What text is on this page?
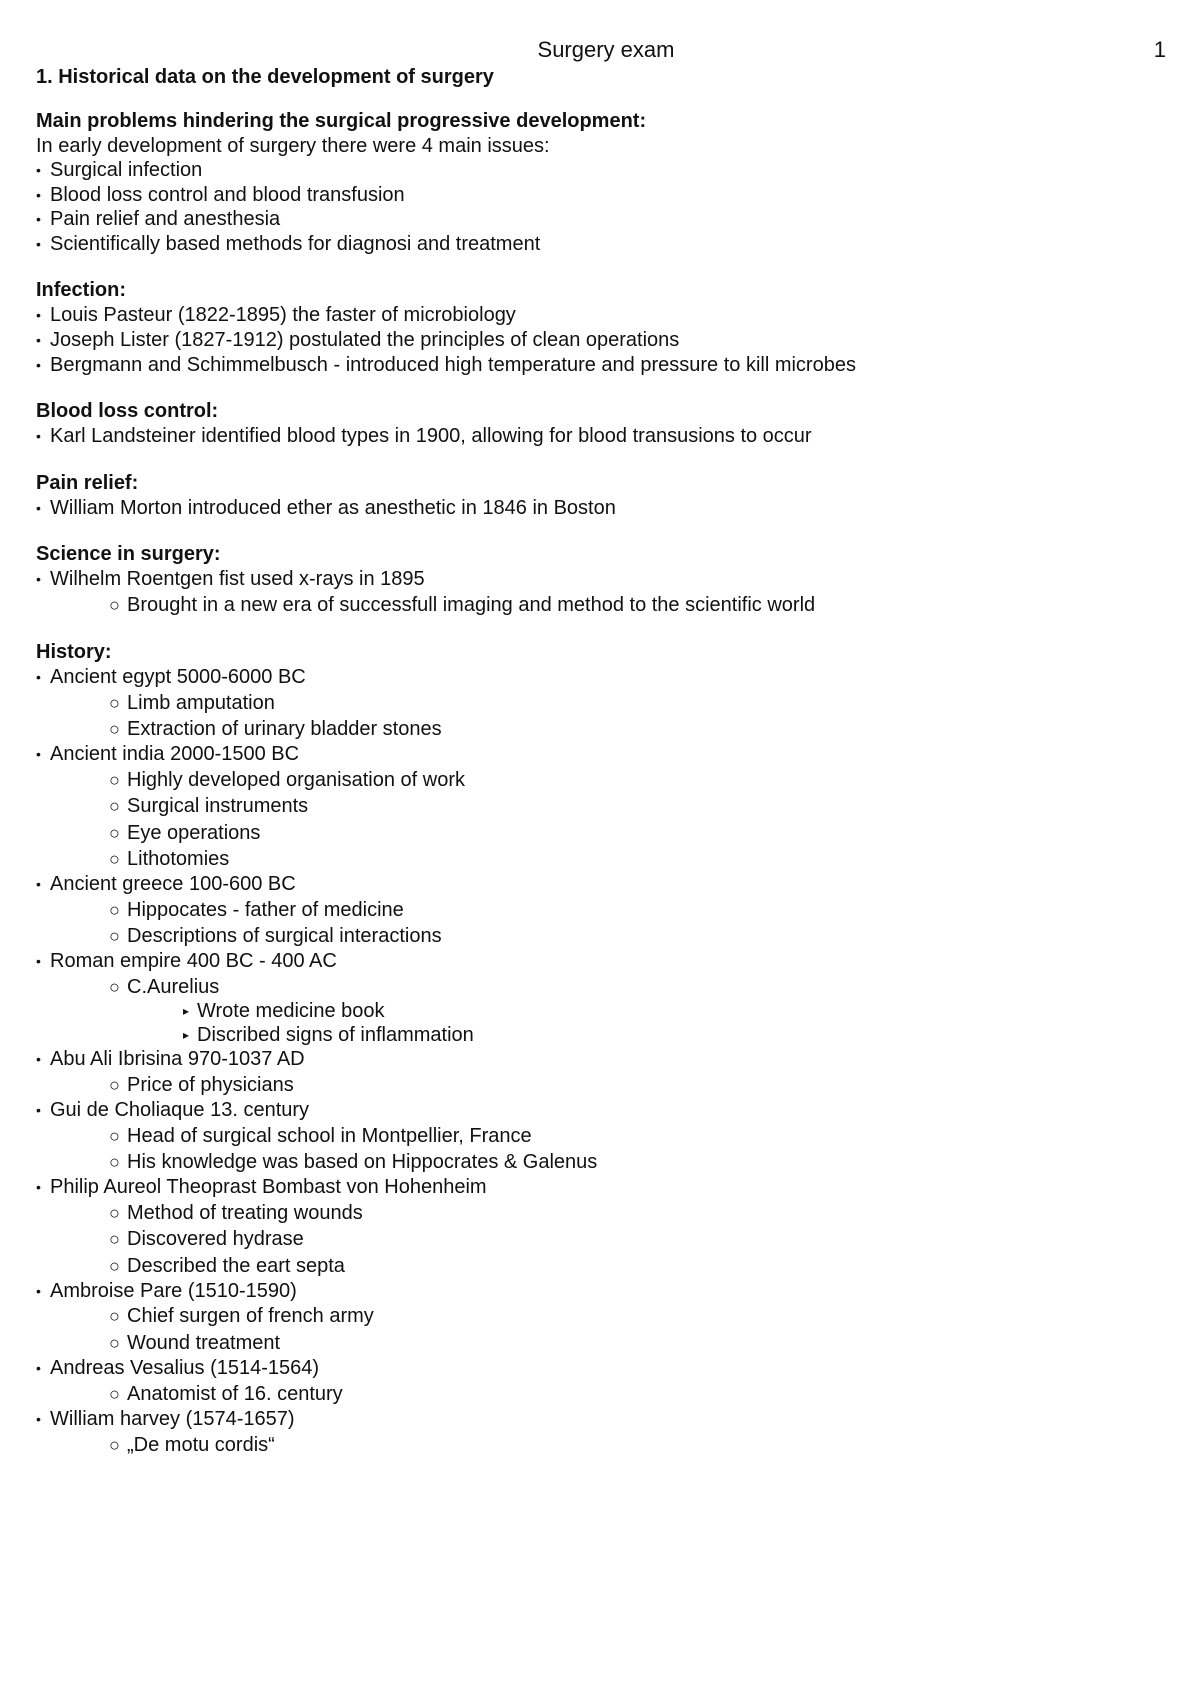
Surgery exam	1

1. Historical data on the development of surgery

Main problems hindering the surgical progressive development:

In early development of surgery there were 4 main issues:

• Surgical infection
• Blood loss control and blood transfusion
• Pain relief and anesthesia
• Scientifically based methods for diagnosi and treatment

Infection:

• Louis Pasteur (1822-1895) the faster of microbiology
• Joseph Lister (1827-1912) postulated the principles of clean operations
• Bergmann and Schimmelbusch - introduced high temperature and pressure to kill microbes

Blood loss control:

• Karl Landsteiner identified blood types in 1900, allowing for blood transusions to occur

Pain relief:

• William Morton introduced ether as anesthetic in 1846 in Boston

Science in surgery:

• Wilhelm Roentgen fist used x-rays in 1895
○ Brought in a new era of successfull imaging and method to the scientific world

History:

• Ancient egypt 5000-6000 BC
○ Limb amputation
○ Extraction of urinary bladder stones
• Ancient india 2000-1500 BC
○ Highly developed organisation of work
○ Surgical instruments
○ Eye operations
○ Lithotomies
• Ancient greece 100-600 BC
○ Hippocates - father of medicine
○ Descriptions of surgical interactions
• Roman empire 400 BC - 400 AC
○ C.Aurelius
▸ Wrote medicine book
▸ Discribed signs of inflammation
• Abu Ali Ibrisina 970-1037 AD
○ Price of physicians
• Gui de Choliaque 13. century
○ Head of surgical school in Montpellier, France
○ His knowledge was based on Hippocrates & Galenus
• Philip Aureol Theoprast Bombast von Hohenheim
○ Method of treating wounds
○ Discovered hydrase
○ Described the eart septa
• Ambroise Pare (1510-1590)
○ Chief surgen of french army
○ Wound treatment
• Andreas Vesalius (1514-1564)
○ Anatomist of 16. century
• William harvey (1574-1657)
○ „De motu cordis“
